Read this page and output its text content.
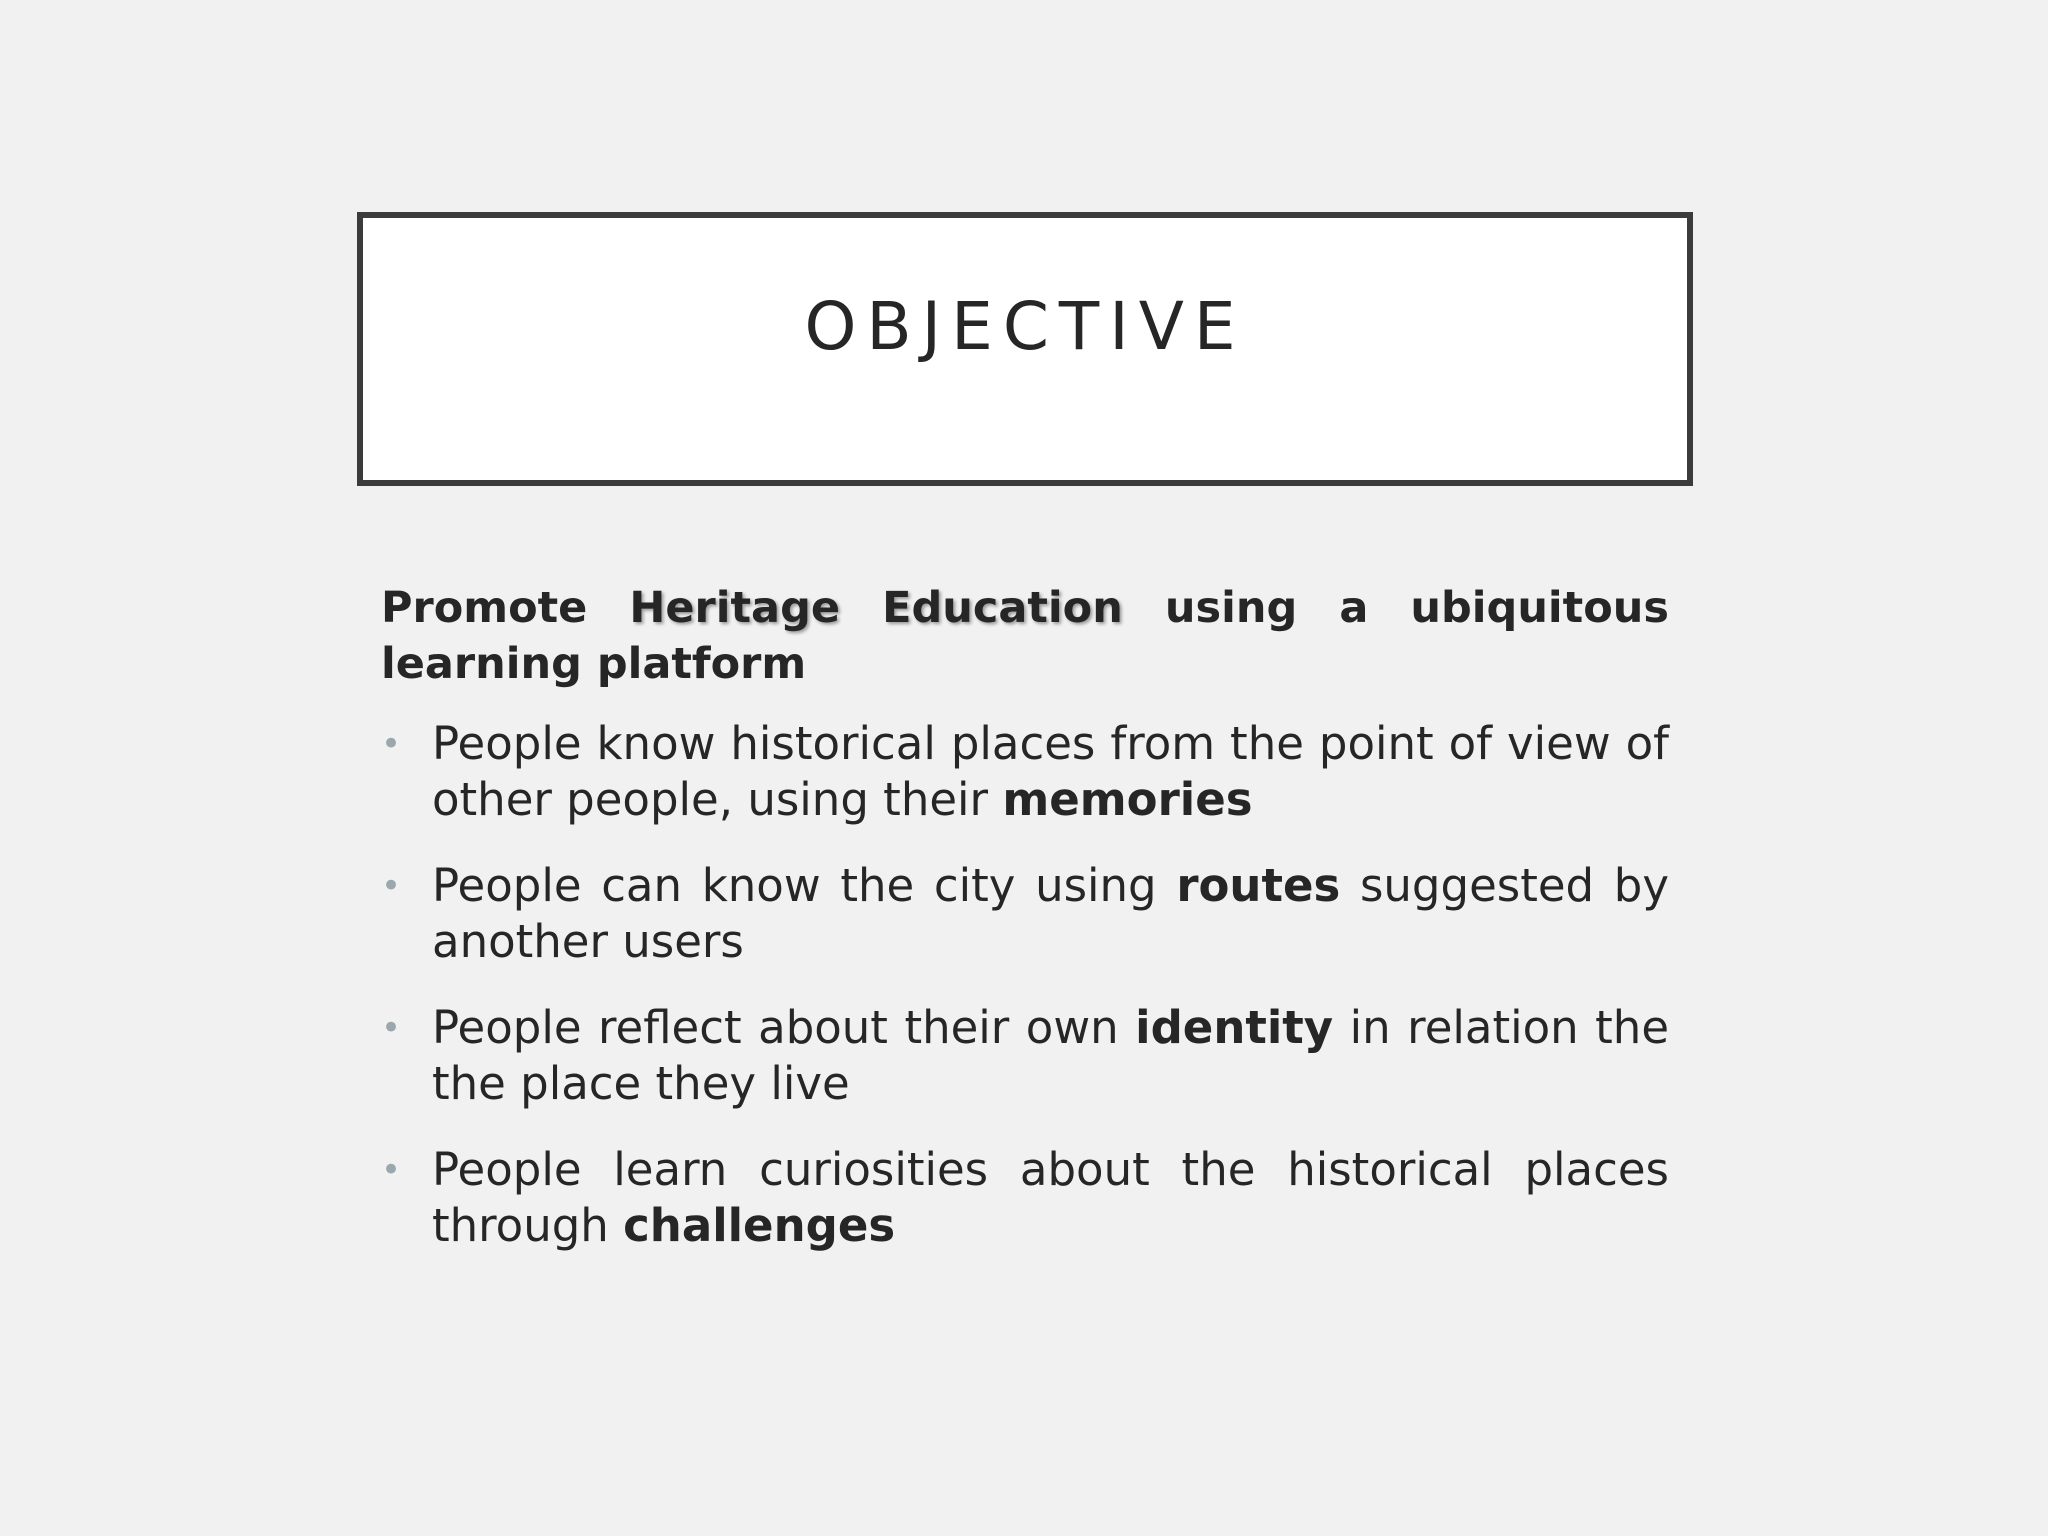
OBJECTIVE

Promote Heritage Education using a ubiquitous learning platform

• People know historical places from the point of view of other people, using their memories
• People can know the city using routes suggested by another users
• People reflect about their own identity in relation the the place they live
• People learn curiosities about the historical places through challenges
